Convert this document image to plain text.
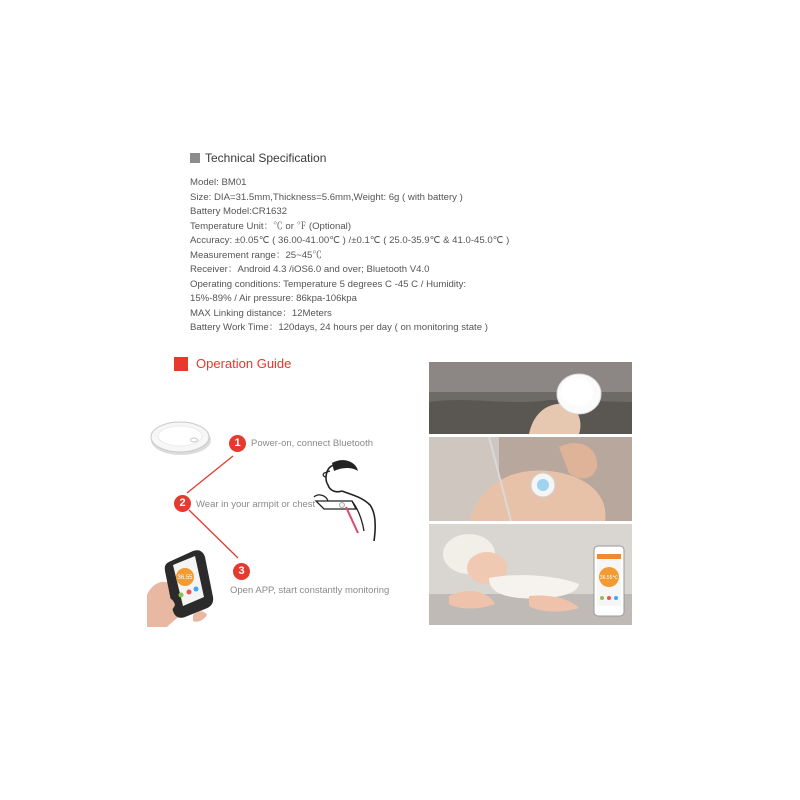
Technical Specification
Model: BM01
Size: DIA=31.5mm,Thickness=5.6mm,Weight: 6g ( with battery )
Battery Model:CR1632
Temperature Unit：℃ or ℉ (Optional)
Accuracy: ±0.05℃ ( 36.00-41.00℃ ) /±0.1℃ ( 25.0-35.9℃ & 41.0-45.0℃ )
Measurement range：25~45℃
Receiver：Android 4.3 /iOS6.0 and over; Bluetooth V4.0
Operating conditions: Temperature 5 degrees C -45 C / Humidity:
15%-89% / Air pressure: 86kpa-106kpa
MAX Linking distance：12Meters
Battery Work Time：120days, 24 hours per day ( on monitoring state )
Operation Guide
1	Power-on, connect Bluetooth
2	Wear in your armpit or chest
3
Open APP, start constantly monitoring
36.55	36.55℃
